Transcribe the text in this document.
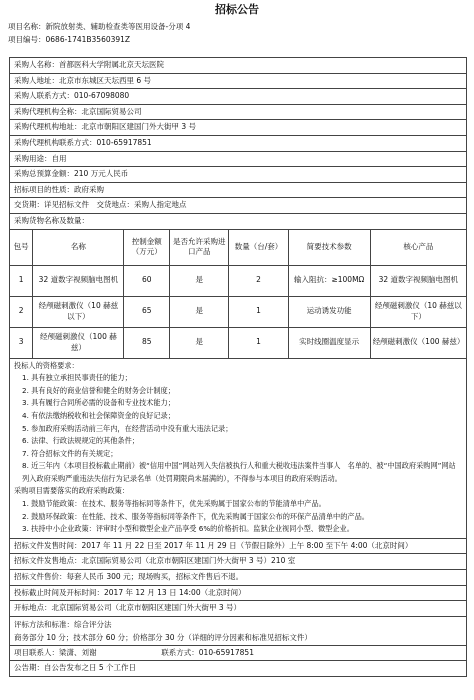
招标公告
项目名称：新院放射类、辅助检查类等医用设备-分项 4
项目编号：0686-1741B3560391Z
采购人名称：首都医科大学附属北京天坛医院
采购人地址：北京市东城区天坛西里 6 号
采购人联系方式：010-67098080
采购代理机构全称：北京国际贸易公司
采购代理机构地址：北京市朝阳区建国门外大街甲 3 号
采购代理机构联系方式：010-65917851
采购用途：自用
采购总预算金额：210 万元人民币
招标项目的性质：政府采购
交货期：详见招标文件　交货地点：采购人指定地点
采购货物名称及数量：
包号	名称	控制金额（万元）	是否允许采购进口产品	数量（台/套）	简要技术参数	核心产品
1	32 道数字视频脑电图机	60	是	2	输入阻抗：≥100MΩ	32 道数字视频脑电图机
2	经颅磁刺激仪（10 赫兹以下）	65	是	1	运动诱发功能	经颅磁刺激仪（10 赫兹以下）
3	经颅磁刺激仪（100 赫兹）	85	是	1	实时线圈温度显示	经颅磁刺激仪（100 赫兹）
投标人的资格要求：
1. 具有独立承担民事责任的能力；
2. 具有良好的商业信誉和健全的财务会计制度；
3. 具有履行合同所必需的设备和专业技术能力；
4. 有依法缴纳税收和社会保障资金的良好记录；
5. 参加政府采购活动前三年内，在经营活动中没有重大违法记录；
6. 法律、行政法规规定的其他条件；
7. 符合招标文件的有关规定；
8. 近三年内（本项目投标截止期前）被“信用中国”网站列入失信被执行人和重大税收违法案件当事人　名单的、被“中国政府采购网”网站列入政府采购严重违法失信行为记录名单（处罚期限尚未届满的），不得参与本项目的政府采购活动。
采购项目需要落实的政府采购政策：
1. 鼓励节能政策：在技术、服务等指标同等条件下，优先采购属于国家公布的节能清单中产品。
2. 鼓励环保政策：在性能、技术、服务等指标同等条件下，优先采购属于国家公布的环保产品清单中的产品。
3. 扶持中小企业政策：评审时小型和微型企业产品享受 6%的价格折扣。监狱企业视同小型、微型企业。
招标文件发售时间：2017 年 11 月 22 日至 2017 年 11 月 29 日（节假日除外）上午 8:00 至下午 4:00（北京时间）
招标文件发售地点：北京国际贸易公司（北京市朝阳区建国门外大街甲 3 号）210 室
招标文件售价：每套人民币 300 元；现场购买，招标文件售后不退。
投标截止时间及开标时间：2017 年 12 月 13 日 14:00（北京时间）
开标地点：北京国际贸易公司（北京市朝阳区建国门外大街甲 3 号）
评标方法和标准：综合评分法
商务部分 10 分；技术部分 60 分；价格部分 30 分（详细的评分因素和标准见招标文件）
项目联系人：梁潇、刘谢	联系方式：010-65917851
公告期：自公告发布之日 5 个工作日
